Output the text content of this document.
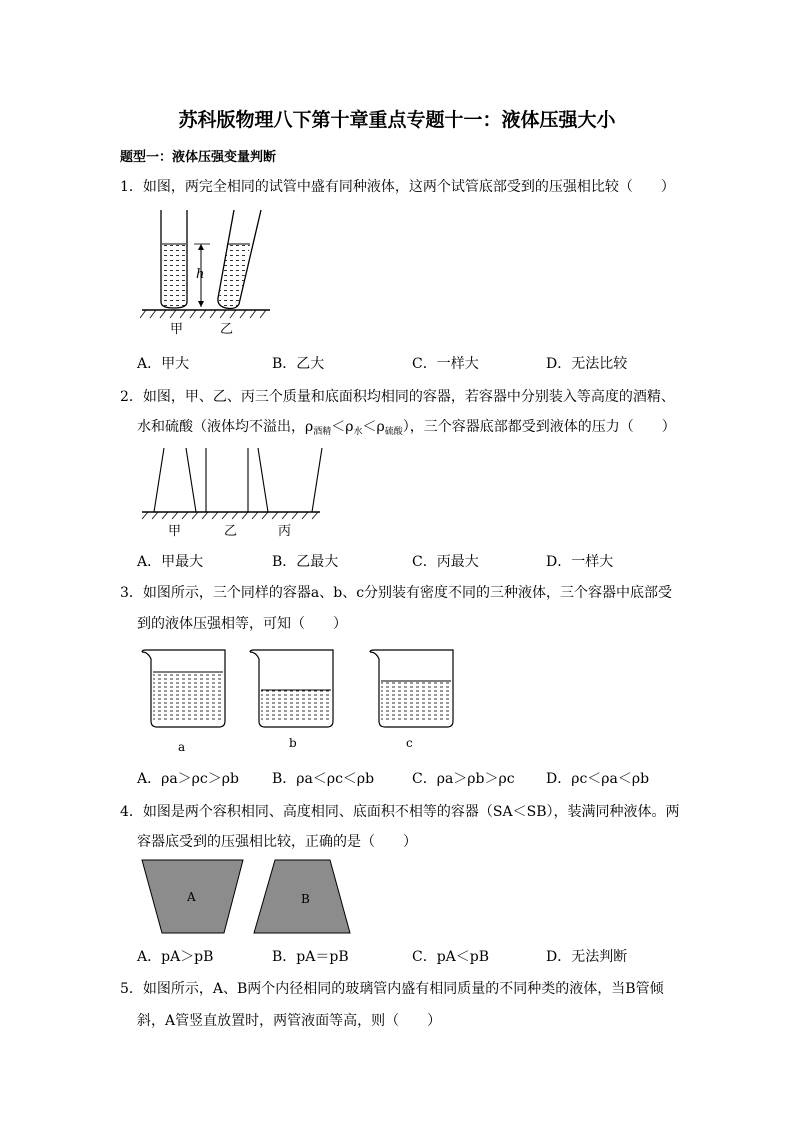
苏科版物理八下第十章重点专题十一：液体压强大小
题型一：液体压强变量判断
1．如图，两完全相同的试管中盛有同种液体，这两个试管底部受到的压强相比较（　　）
h
甲	乙
A．甲大	B．乙大	C．一样大	D．无法比较
2．如图，甲、乙、丙三个质量和底面积均相同的容器，若容器中分别装入等高度的酒精、
水和硫酸（液体均不溢出，$\rho_{酒精}<\rho_水<\rho_{硫酸}$），三个容器底部都受到液体的压力（　　）
甲	乙	丙
A．甲最大	B．乙最大	C．丙最大	D．一样大
3．如图所示，三个同样的容器a、b、c分别装有密度不同的三种液体，三个容器中底部受
到的液体压强相等，可知（　　）
a	b	c
A．ρa＞ρc＞ρb B．ρa＜ρc＜ρb	C．ρa＞ρb＞ρc D．ρc＜ρa＜ρb
4．如图是两个容积相同、高度相同、底面积不相等的容器（SA＜SB），装满同种液体。两
容器底受到的压强相比较，正确的是（　　）
A	B
A．pA＞pB	B．pA＝pB	C．pA＜pB	D．无法判断
5．如图所示，A、B两个内径相同的玻璃管内盛有相同质量的不同种类的液体，当B管倾
斜，A管竖直放置时，两管液面等高，则（　　）
